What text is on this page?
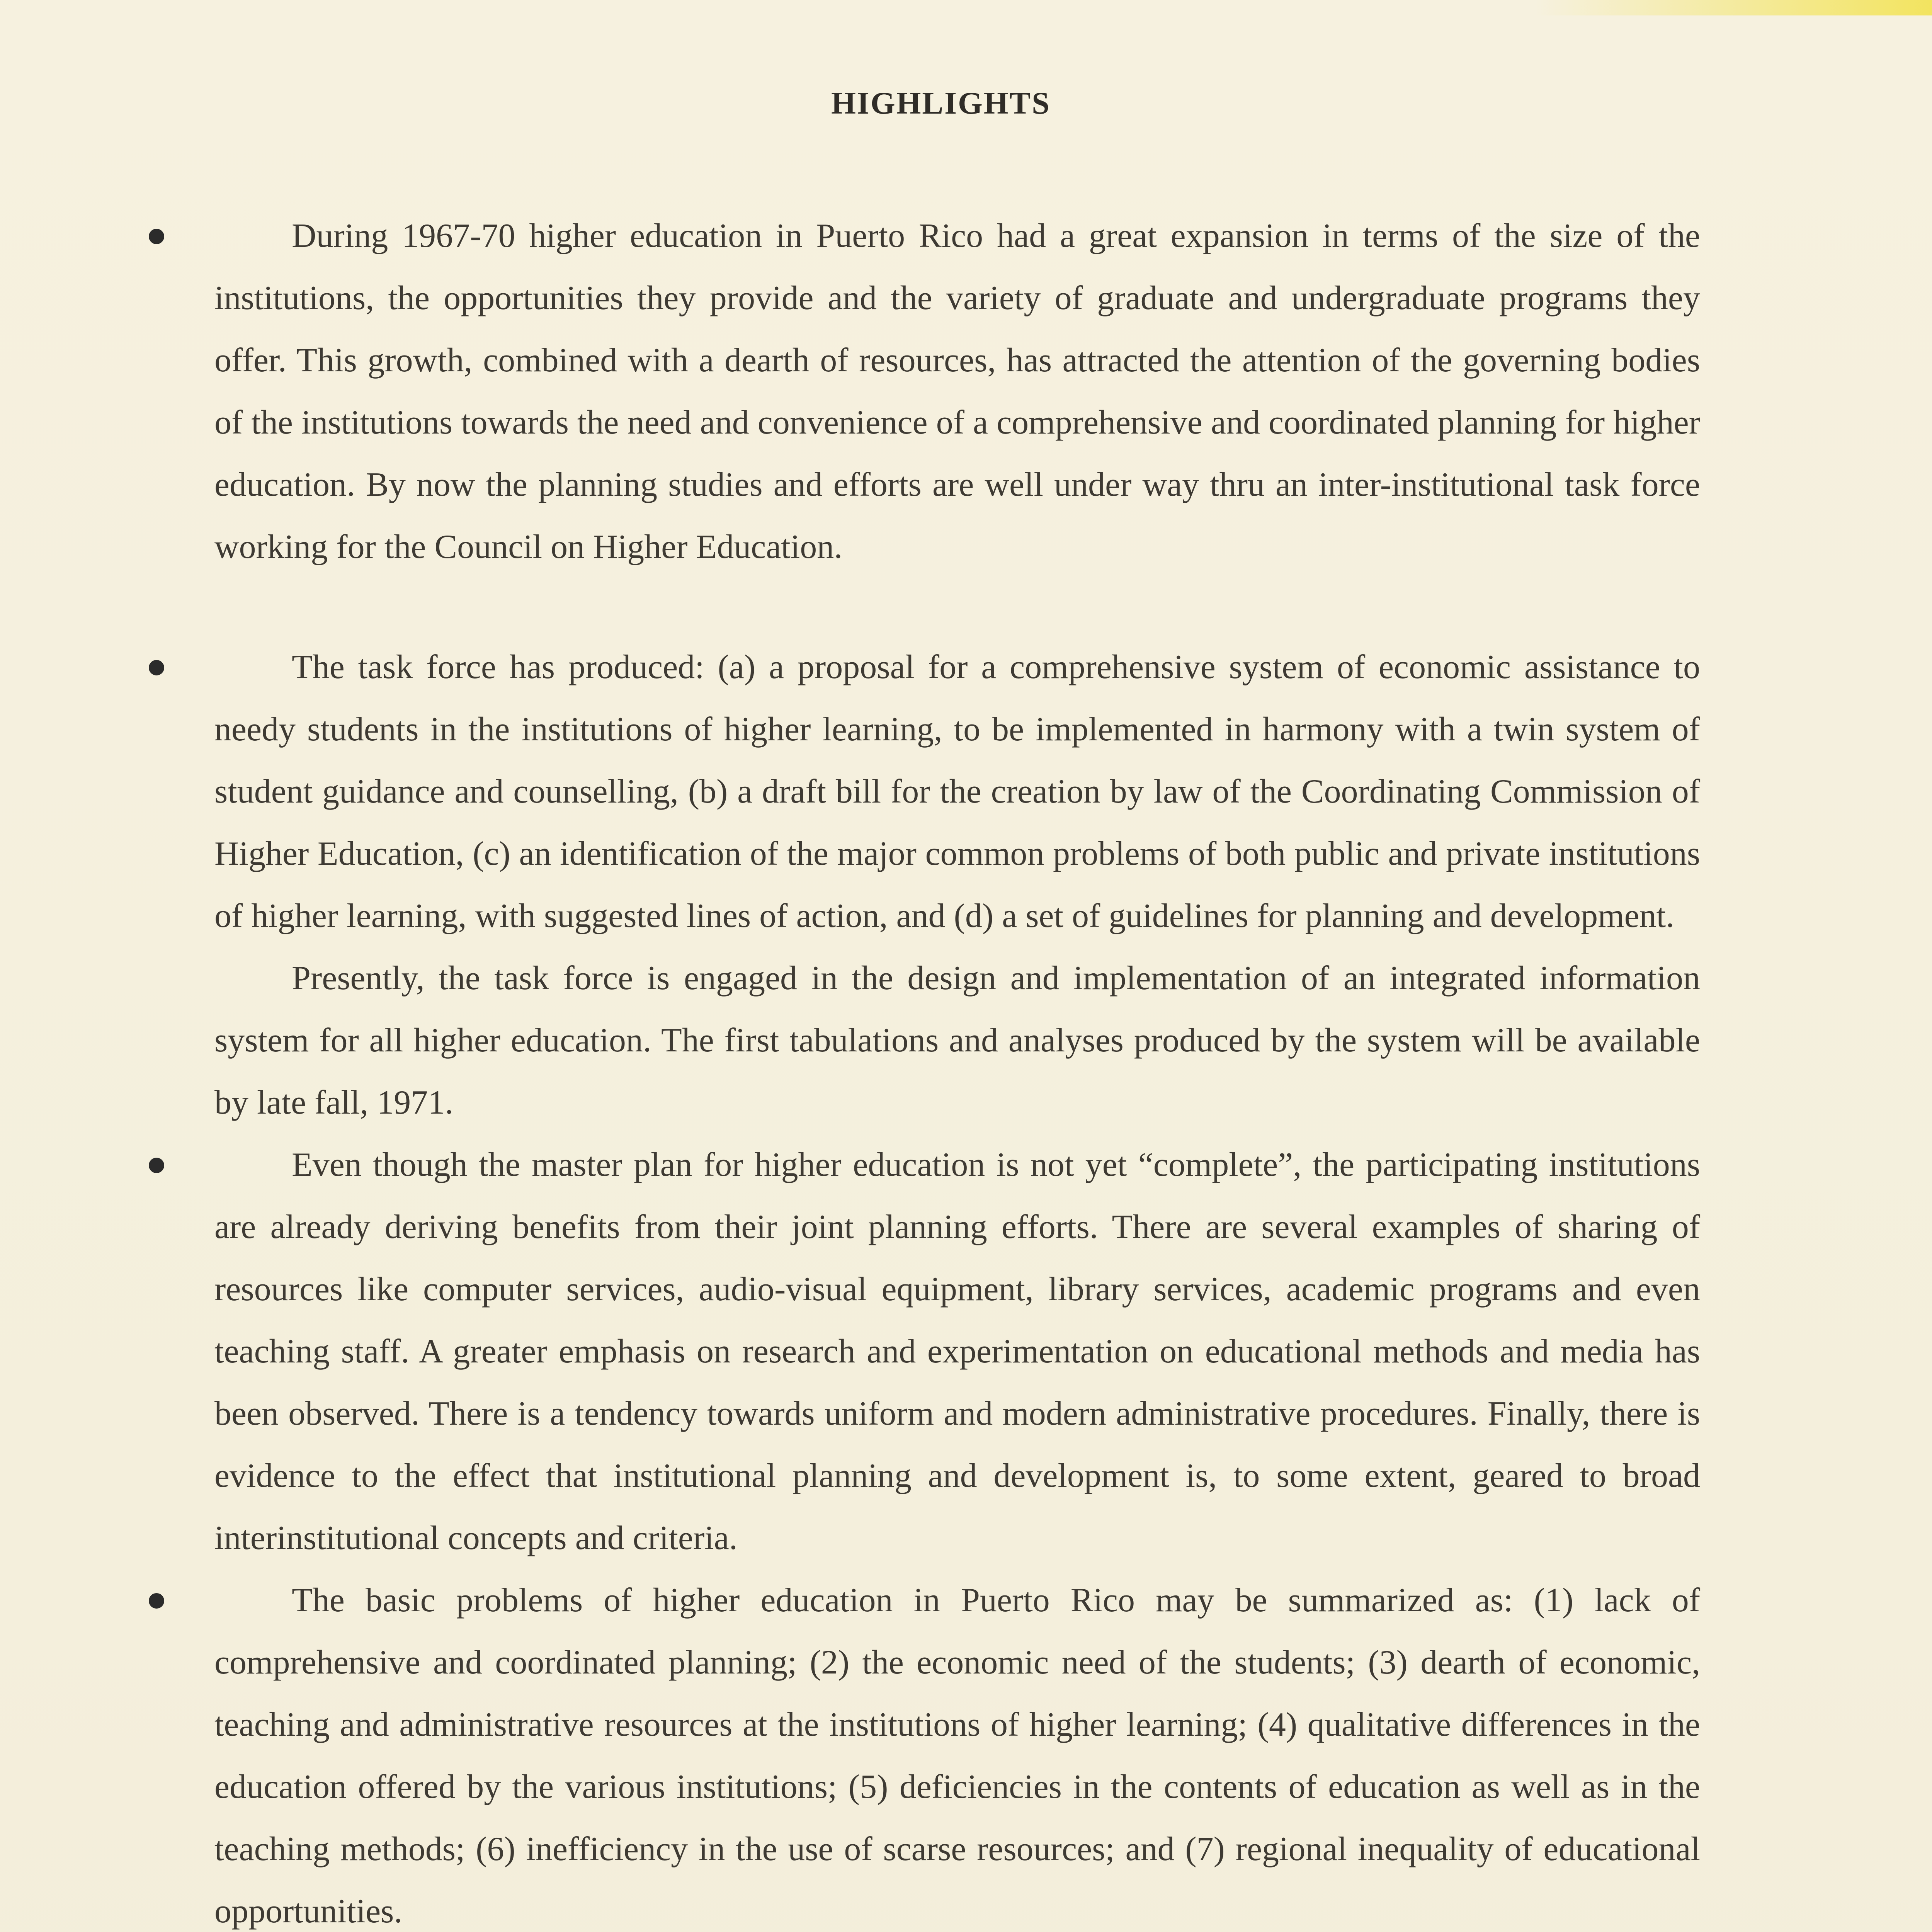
HIGHLIGHTS

During 1967-70 higher education in Puerto Rico had a great expansion in terms of the size of the institutions, the opportunities they provide and the variety of graduate and undergraduate programs they offer. This growth, combined with a dearth of resources, has attracted the attention of the governing bodies of the institutions towards the need and convenience of a comprehensive and coordinated planning for higher education. By now the planning studies and efforts are well under way thru an inter-institutional task force working for the Council on Higher Education.

The task force has produced: (a) a proposal for a comprehensive system of economic assistance to needy students in the institutions of higher learning, to be implemented in harmony with a twin system of student guidance and counselling, (b) a draft bill for the creation by law of the Coordinating Commission of Higher Education, (c) an identification of the major common problems of both public and private institutions of higher learning, with suggested lines of action, and (d) a set of guidelines for planning and development.

Presently, the task force is engaged in the design and implementation of an integrated information system for all higher education. The first tabulations and analyses produced by the system will be available by late fall, 1971.

Even though the master plan for higher education is not yet “complete”, the participating institutions are already deriving benefits from their joint planning efforts. There are several examples of sharing of resources like computer services, audio-visual equipment, library services, academic programs and even teaching staff. A greater emphasis on research and experimentation on educational methods and media has been observed. There is a tendency towards uniform and modern administrative procedures. Finally, there is evidence to the effect that institutional planning and development is, to some extent, geared to broad interinstitutional concepts and criteria.

The basic problems of higher education in Puerto Rico may be summarized as: (1) lack of comprehensive and coordinated planning; (2) the economic need of the students; (3) dearth of economic, teaching and administrative resources at the institutions of higher learning; (4) qualitative differences in the education offered by the various institutions; (5) deficiencies in the contents of education as well as in the teaching methods; (6) inefficiency in the use of scarse resources; and (7) regional inequality of educational opportunities.
